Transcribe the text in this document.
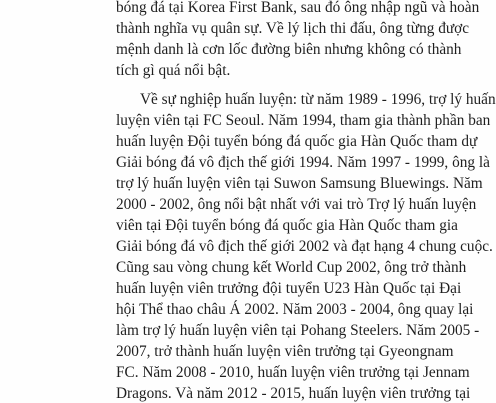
bóng đá tại Korea First Bank, sau đó ông nhập ngũ và hoàn
thành nghĩa vụ quân sự. Về lý lịch thi đấu, ông từng được
mệnh danh là cơn lốc đường biên nhưng không có thành
tích gì quá nổi bật.
Về sự nghiệp huấn luyện: từ năm 1989 - 1996, trợ lý huấn
luyện viên tại FC Seoul. Năm 1994, tham gia thành phần ban
huấn luyện Đội tuyển bóng đá quốc gia Hàn Quốc tham dự
Giải bóng đá vô địch thế giới 1994. Năm 1997 - 1999, ông là
trợ lý huấn luyện viên tại Suwon Samsung Bluewings. Năm
2000 - 2002, ông nổi bật nhất với vai trò Trợ lý huấn luyện
viên tại Đội tuyển bóng đá quốc gia Hàn Quốc tham gia
Giải bóng đá vô địch thế giới 2002 và đạt hạng 4 chung cuộc.
Cũng sau vòng chung kết World Cup 2002, ông trở thành
huấn luyện viên trưởng đội tuyển U23 Hàn Quốc tại Đại
hội Thể thao châu Á 2002. Năm 2003 - 2004, ông quay lại
làm trợ lý huấn luyện viên tại Pohang Steelers. Năm 2005 -
2007, trở thành huấn luyện viên trưởng tại Gyeongnam
FC. Năm 2008 - 2010, huấn luyện viên trưởng tại Jennam
Dragons. Và năm 2012 - 2015, huấn luyện viên trưởng tại
